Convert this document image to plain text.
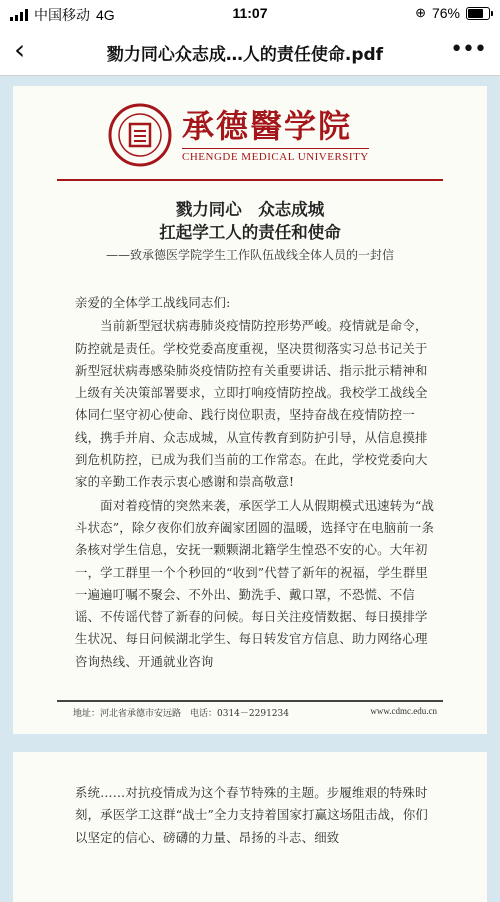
中国移动 4G	11:07	⊕ 76%
‹	勠力同心众志成…人的责任使命.pdf	•••
承德醫学院
CHENGDE MEDICAL UNIVERSITY
戮力同心　众志成城
扛起学工人的责任和使命
——致承德医学院学生工作队伍战线全体人员的一封信

亲爱的全体学工战线同志们:

　　当前新型冠状病毒肺炎疫情防控形势严峻。疫情就是命令，防控就是责任。学校党委高度重视，坚决贯彻落实习总书记关于新型冠状病毒感染肺炎疫情防控有关重要讲话、指示批示精神和上级有关决策部署要求，立即打响疫情防控战。我校学工战线全体同仁坚守初心使命、践行岗位职责，坚持奋战在疫情防控一线，携手并肩、众志成城，从宣传教育到防护引导，从信息摸排到危机防控，已成为我们当前的工作常态。在此，学校党委向大家的辛勤工作表示衷心感谢和崇高敬意!

　　面对着疫情的突然来袭，承医学工人从假期模式迅速转为“战斗状态”，除夕夜你们放弃阖家团圆的温暖，选择守在电脑前一条条核对学生信息，安抚一颗颗湖北籍学生惶恐不安的心。大年初一，学工群里一个个秒回的“收到”代替了新年的祝福，学生群里一遍遍叮嘱不聚会、不外出、勤洗手、戴口罩，不恐慌、不信谣、不传谣代替了新春的问候。每日关注疫情数据、每日摸排学生状况、每日问候湖北学生、每日转发官方信息、助力网络心理咨询热线、开通就业咨询

地址：河北省承德市安远路　电话：0314－2291234	www.cdmc.edu.cn

系统……对抗疫情成为这个春节特殊的主题。步履维艰的特殊时刻，承医学工这群“战士”全力支持着国家打赢这场阻击战，你们以坚定的信心、磅礴的力量、昂扬的斗志、细致
